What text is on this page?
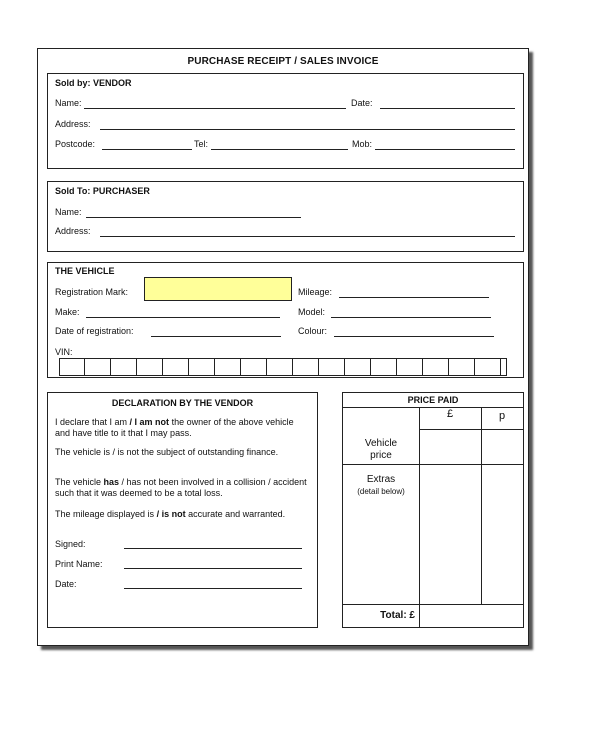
PURCHASE RECEIPT / SALES INVOICE
Sold by: VENDOR
Name:	Date:
Address:
Postcode:	Tel:	Mob:
Sold To: PURCHASER
Name:
Address:
THE VEHICLE
Registration Mark:	Mileage:
Make:	Model:
Date of registration:	Colour:
VIN:
DECLARATION BY THE VENDOR
I declare that I am / I am not the owner of the above vehicle and have title to it that I may pass.
The vehicle is / is not the subject of outstanding finance.
The vehicle has / has not been involved in a collision / accident such that it was deemed to be a total loss.
The mileage displayed is / is not accurate and warranted.
Signed:
Print Name:
Date:
PRICE PAID
£	p
Vehicle
price
Extras
(detail below)
Total: £
